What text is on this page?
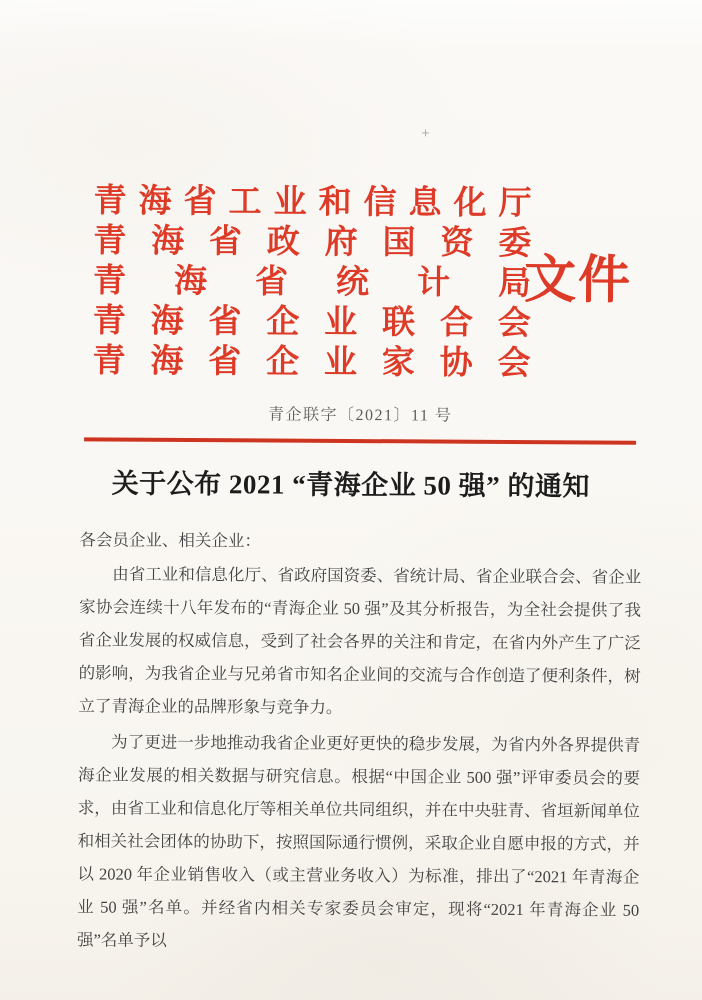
+
青海省工业和信息化厅
青海省政府国资委
青海省统计局
青海省企业联合会
青海省企业家协会
文件
青企联字〔2021〕11 号
关于公布 2021 “青海企业 50 强” 的通知

各会员企业、相关企业：

由省工业和信息化厅、省政府国资委、省统计局、省企业联合会、省企业家协会连续十八年发布的“青海企业 50 强”及其分析报告，为全社会提供了我省企业发展的权威信息，受到了社会各界的关注和肯定，在省内外产生了广泛的影响，为我省企业与兄弟省市知名企业间的交流与合作创造了便利条件，树立了青海企业的品牌形象与竞争力。

为了更进一步地推动我省企业更好更快的稳步发展，为省内外各界提供青海企业发展的相关数据与研究信息。根据“中国企业 500 强”评审委员会的要求，由省工业和信息化厅等相关单位共同组织，并在中央驻青、省垣新闻单位和相关社会团体的协助下，按照国际通行惯例，采取企业自愿申报的方式，并以 2020 年企业销售收入（或主营业务收入）为标准，排出了“2021 年青海企业 50 强”名单。并经省内相关专家委员会审定，现将“2021 年青海企业 50 强”名单予以
